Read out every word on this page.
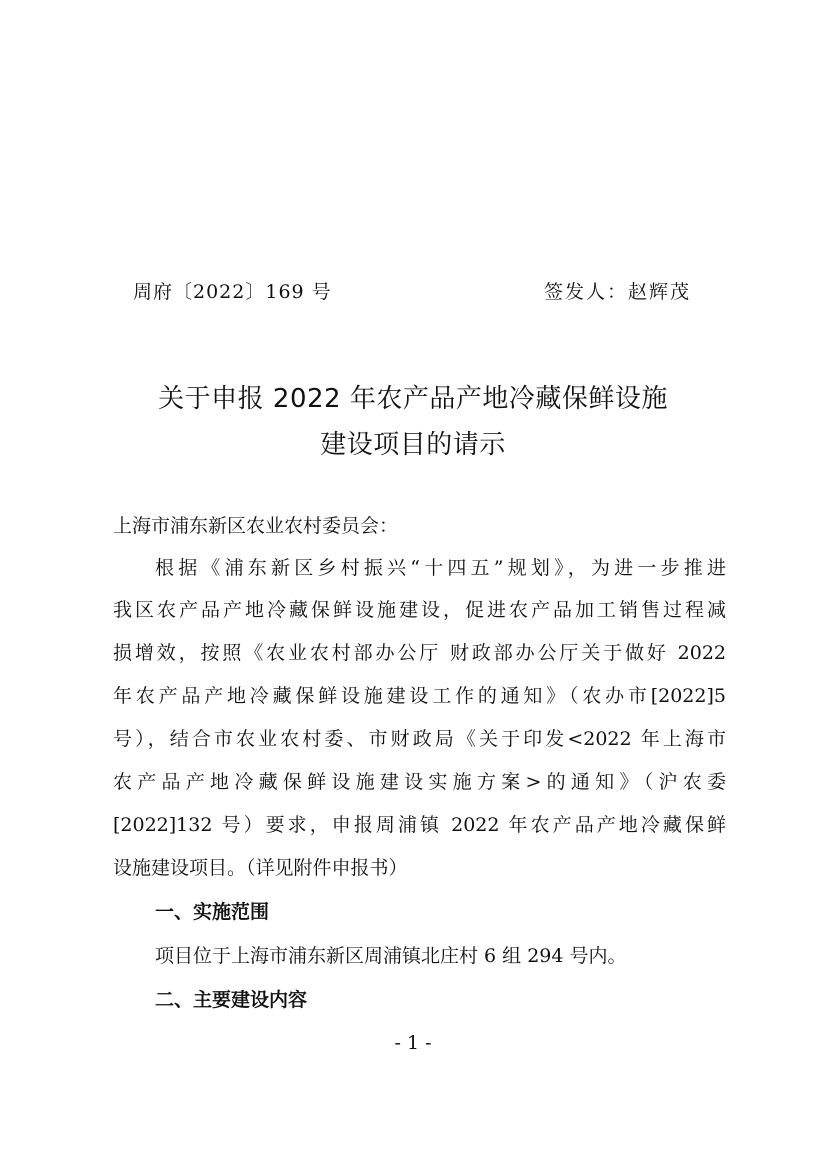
周府〔2022〕169 号	签发人：赵辉茂
关于申报 2022 年农产品产地冷藏保鲜设施
建设项目的请示
上海市浦东新区农业农村委员会：
根据《浦东新区乡村振兴“十四五”规划》，为进一步推进
我区农产品产地冷藏保鲜设施建设，促进农产品加工销售过程减
损增效，按照《农业农村部办公厅 财政部办公厅关于做好 2022
年农产品产地冷藏保鲜设施建设工作的通知》（农办市[2022]5
号），结合市农业农村委、市财政局《关于印发<2022 年上海市
农产品产地冷藏保鲜设施建设实施方案>的通知》（沪农委
[2022]132 号）要求，申报周浦镇 2022 年农产品产地冷藏保鲜
设施建设项目。（详见附件申报书）
一、实施范围
项目位于上海市浦东新区周浦镇北庄村 6 组 294 号内。
二、主要建设内容
- 1 -
